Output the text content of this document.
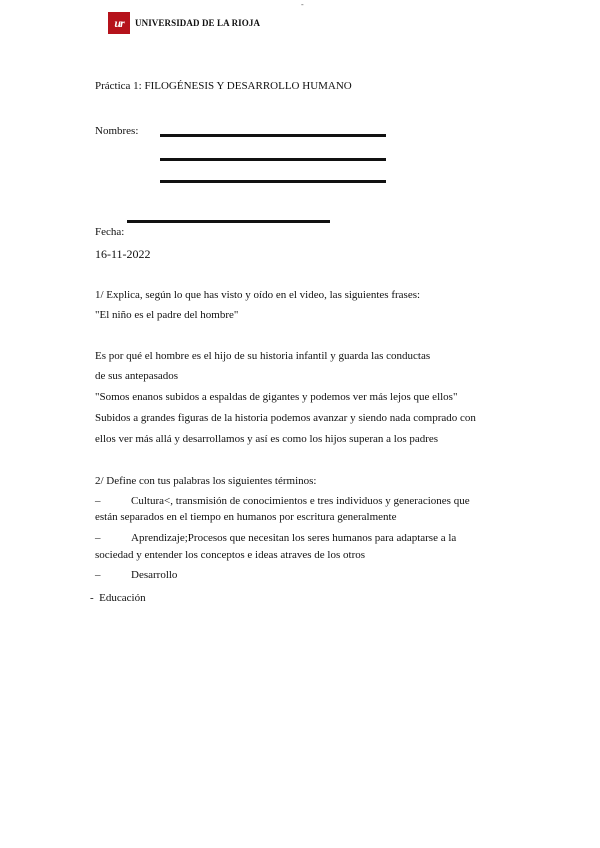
-
ur	UNIVERSIDAD DE LA RIOJA
Práctica 1: FILOGÉNESIS Y DESARROLLO HUMANO
Nombres:
Fecha:
16-11-2022
1/ Explica, según lo que has visto y oído en el video, las siguientes frases:
"El niño es el padre del hombre"
Es por qué el hombre es el hijo de su historia infantil y guarda las conductas
de sus antepasados
"Somos enanos subidos a espaldas de gigantes y podemos ver más lejos que ellos"
Subidos a grandes figuras de la historia podemos avanzar y siendo nada comprado con
ellos ver más allá y desarrollamos y así es como los hijos superan a los padres
2/ Define con tus palabras los siguientes términos:
–	Cultura<, transmisión de conocimientos e tres individuos y generaciones que
están separados en el tiempo en humanos por escritura generalmente
–	Aprendizaje;Procesos que necesitan los seres humanos para adaptarse a la
sociedad y entender los conceptos e ideas atraves de los otros
–	Desarrollo
-  Educación
